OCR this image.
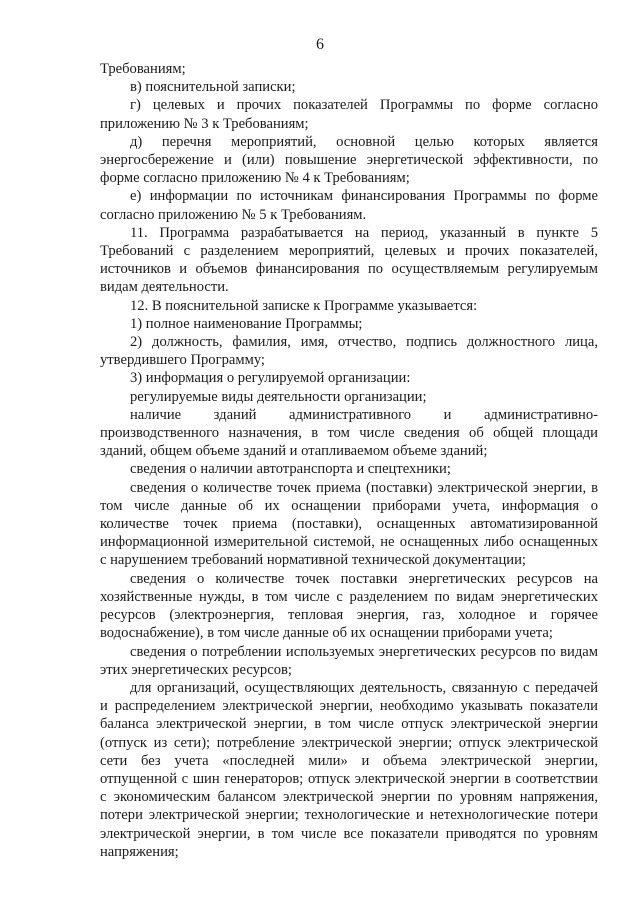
6

Требованиям;

в) пояснительной записки;

г) целевых и прочих показателей Программы по форме согласно приложению № 3 к Требованиям;

д) перечня мероприятий, основной целью которых является энергосбережение и (или) повышение энергетической эффективности, по форме согласно приложению № 4 к Требованиям;

е) информации по источникам финансирования Программы по форме согласно приложению № 5 к Требованиям.

11. Программа разрабатывается на период, указанный в пункте 5 Требований с разделением мероприятий, целевых и прочих показателей, источников и объемов финансирования по осуществляемым регулируемым видам деятельности.

12. В пояснительной записке к Программе указывается:

1) полное наименование Программы;

2) должность, фамилия, имя, отчество, подпись должностного лица, утвердившего Программу;

3) информация о регулируемой организации:

регулируемые виды деятельности организации;

наличие зданий административного и административно-производственного назначения, в том числе сведения об общей площади зданий, общем объеме зданий и отапливаемом объеме зданий;

сведения о наличии автотранспорта и спецтехники;

сведения о количестве точек приема (поставки) электрической энергии, в том числе данные об их оснащении приборами учета, информация о количестве точек приема (поставки), оснащенных автоматизированной информационной измерительной системой, не оснащенных либо оснащенных с нарушением требований нормативной технической документации;

сведения о количестве точек поставки энергетических ресурсов на хозяйственные нужды, в том числе с разделением по видам энергетических ресурсов (электроэнергия, тепловая энергия, газ, холодное и горячее водоснабжение), в том числе данные об их оснащении приборами учета;

сведения о потреблении используемых энергетических ресурсов по видам этих энергетических ресурсов;

для организаций, осуществляющих деятельность, связанную с передачей и распределением электрической энергии, необходимо указывать показатели баланса электрической энергии, в том числе отпуск электрической энергии (отпуск из сети); потребление электрической энергии; отпуск электрической сети без учета «последней мили» и объема электрической энергии, отпущенной с шин генераторов; отпуск электрической энергии в соответствии с экономическим балансом электрической энергии по уровням напряжения, потери электрической энергии; технологические и нетехнологические потери электрической энергии, в том числе все показатели приводятся по уровням напряжения;
